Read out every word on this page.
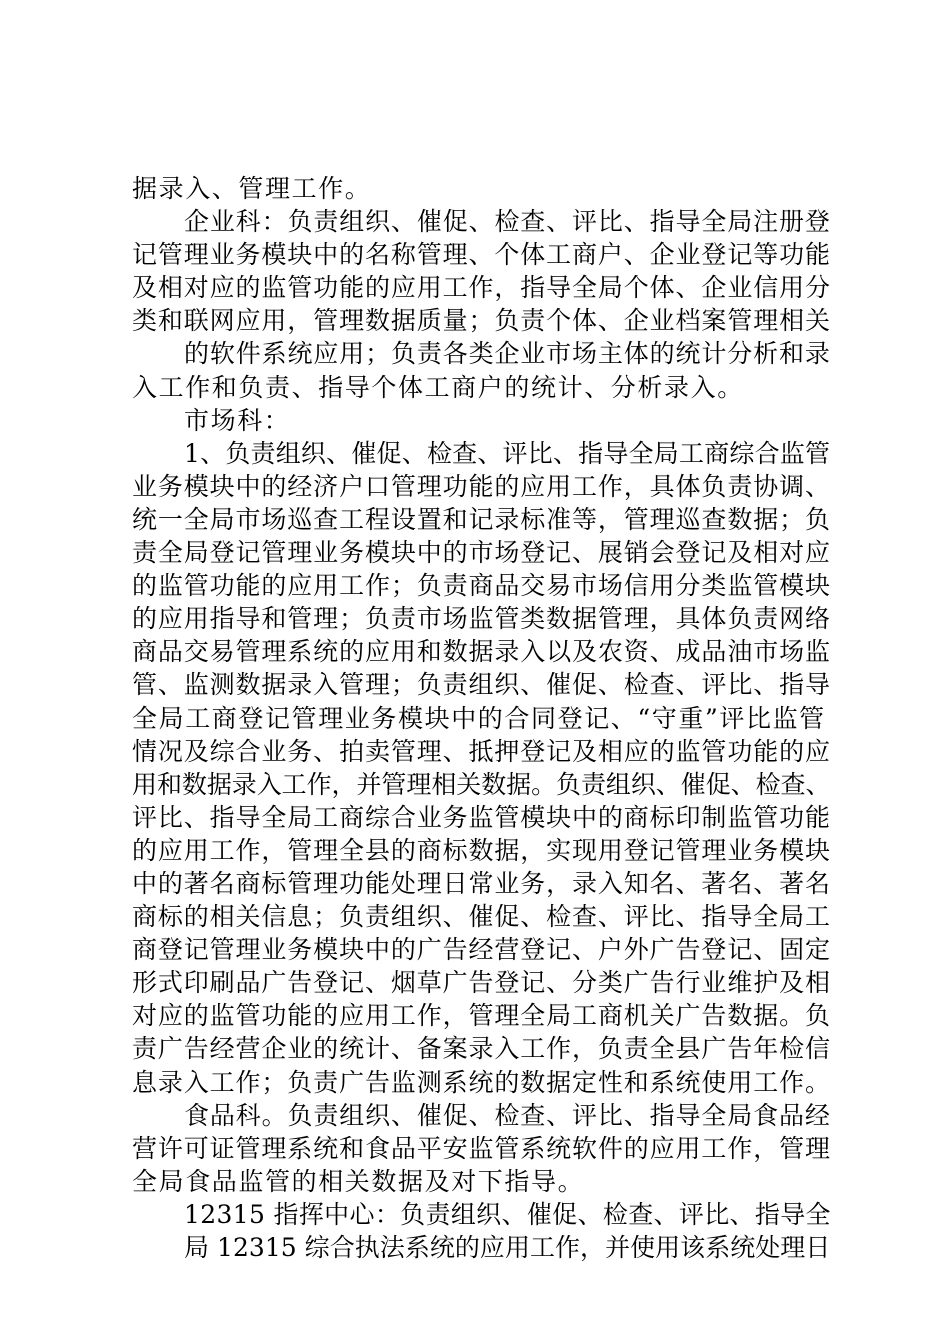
据录入、管理工作。
企业科：负责组织、催促、检查、评比、指导全局注册登
记管理业务模块中的名称管理、个体工商户、企业登记等功能
及相对应的监管功能的应用工作，指导全局个体、企业信用分
类和联网应用，管理数据质量；负责个体、企业档案管理相关
的软件系统应用；负责各类企业市场主体的统计分析和录
入工作和负责、指导个体工商户的统计、分析录入。
市场科：
1、负责组织、催促、检查、评比、指导全局工商综合监管
业务模块中的经济户口管理功能的应用工作，具体负责协调、
统一全局市场巡查工程设置和记录标准等，管理巡查数据；负
责全局登记管理业务模块中的市场登记、展销会登记及相对应
的监管功能的应用工作；负责商品交易市场信用分类监管模块
的应用指导和管理；负责市场监管类数据管理，具体负责网络
商品交易管理系统的应用和数据录入以及农资、成品油市场监
管、监测数据录入管理；负责组织、催促、检查、评比、指导
全局工商登记管理业务模块中的合同登记、“守重”评比监管
情况及综合业务、拍卖管理、抵押登记及相应的监管功能的应
用和数据录入工作，并管理相关数据。负责组织、催促、检查、
评比、指导全局工商综合业务监管模块中的商标印制监管功能
的应用工作，管理全县的商标数据，实现用登记管理业务模块
中的著名商标管理功能处理日常业务，录入知名、著名、著名
商标的相关信息；负责组织、催促、检查、评比、指导全局工
商登记管理业务模块中的广告经营登记、户外广告登记、固定
形式印刷品广告登记、烟草广告登记、分类广告行业维护及相
对应的监管功能的应用工作，管理全局工商机关广告数据。负
责广告经营企业的统计、备案录入工作，负责全县广告年检信
息录入工作；负责广告监测系统的数据定性和系统使用工作。
食品科。负责组织、催促、检查、评比、指导全局食品经
营许可证管理系统和食品平安监管系统软件的应用工作，管理
全局食品监管的相关数据及对下指导。
12315 指挥中心：负责组织、催促、检查、评比、指导全
局 12315 综合执法系统的应用工作，并使用该系统处理日
